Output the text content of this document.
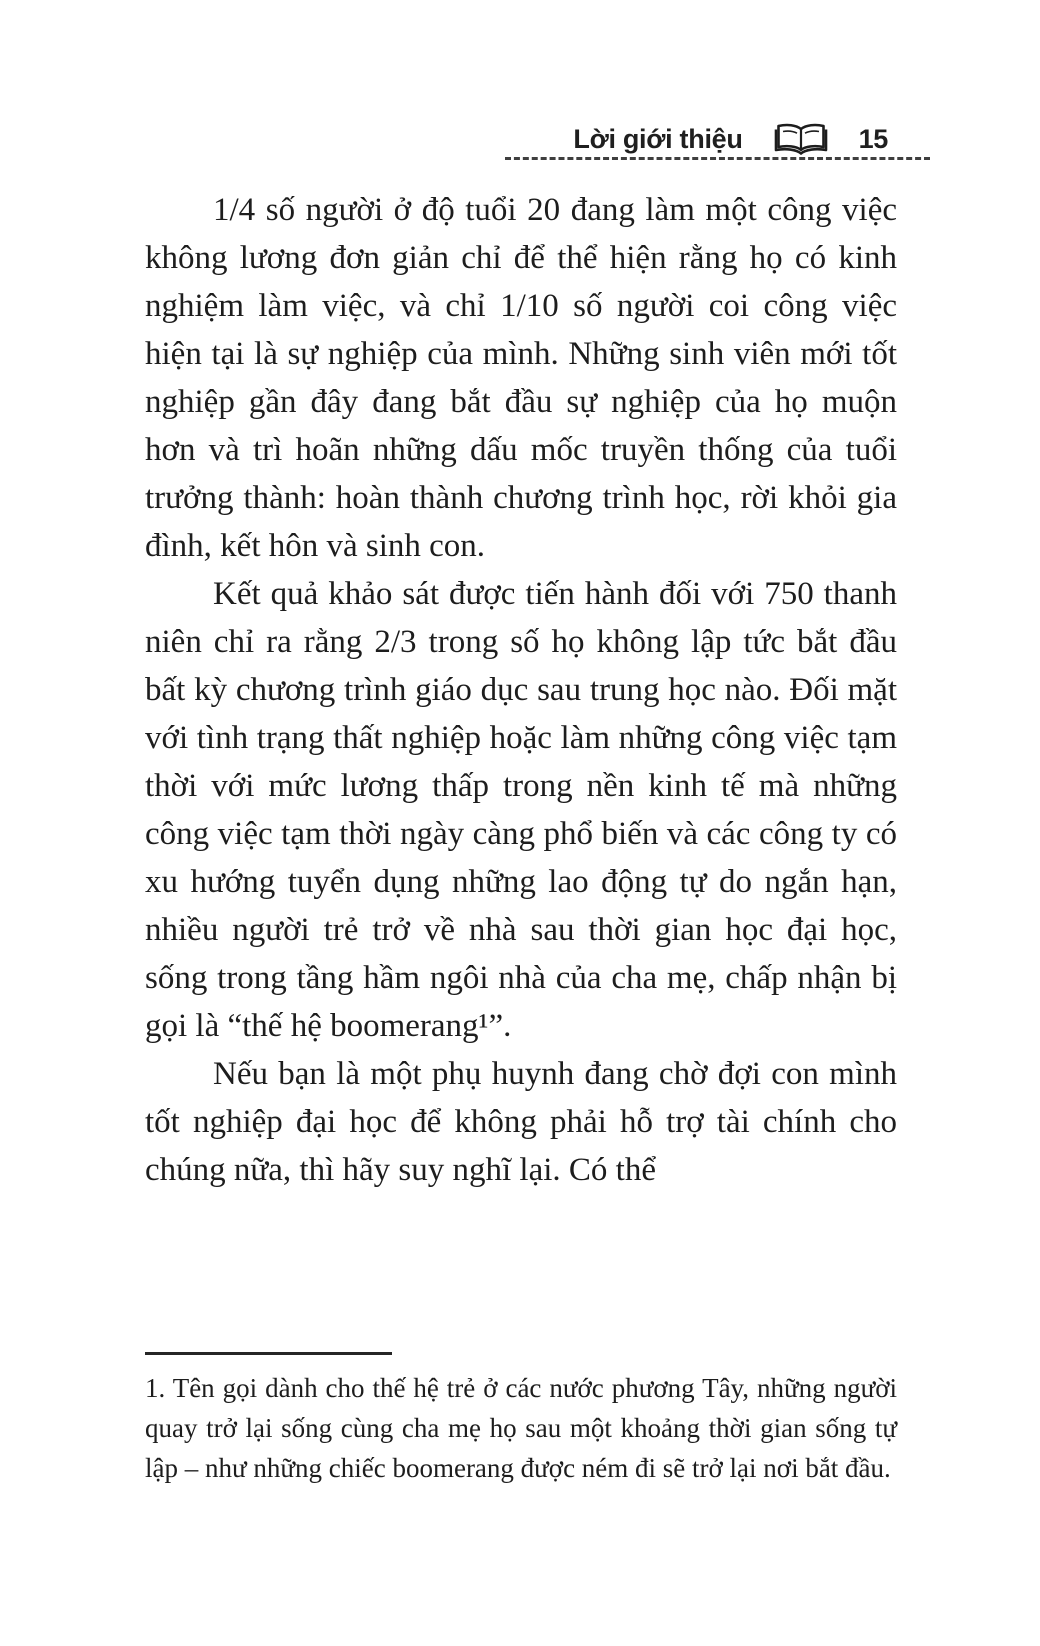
Lời giới thiệu	15

1/4 số người ở độ tuổi 20 đang làm một công việc không lương đơn giản chỉ để thể hiện rằng họ có kinh nghiệm làm việc, và chỉ 1/10 số người coi công việc hiện tại là sự nghiệp của mình. Những sinh viên mới tốt nghiệp gần đây đang bắt đầu sự nghiệp của họ muộn hơn và trì hoãn những dấu mốc truyền thống của tuổi trưởng thành: hoàn thành chương trình học, rời khỏi gia đình, kết hôn và sinh con.

Kết quả khảo sát được tiến hành đối với 750 thanh niên chỉ ra rằng 2/3 trong số họ không lập tức bắt đầu bất kỳ chương trình giáo dục sau trung học nào. Đối mặt với tình trạng thất nghiệp hoặc làm những công việc tạm thời với mức lương thấp trong nền kinh tế mà những công việc tạm thời ngày càng phổ biến và các công ty có xu hướng tuyển dụng những lao động tự do ngắn hạn, nhiều người trẻ trở về nhà sau thời gian học đại học, sống trong tầng hầm ngôi nhà của cha mẹ, chấp nhận bị gọi là “thế hệ boomerang¹”.

Nếu bạn là một phụ huynh đang chờ đợi con mình tốt nghiệp đại học để không phải hỗ trợ tài chính cho chúng nữa, thì hãy suy nghĩ lại. Có thể

1. Tên gọi dành cho thế hệ trẻ ở các nước phương Tây, những người quay trở lại sống cùng cha mẹ họ sau một khoảng thời gian sống tự lập – như những chiếc boomerang được ném đi sẽ trở lại nơi bắt đầu.
